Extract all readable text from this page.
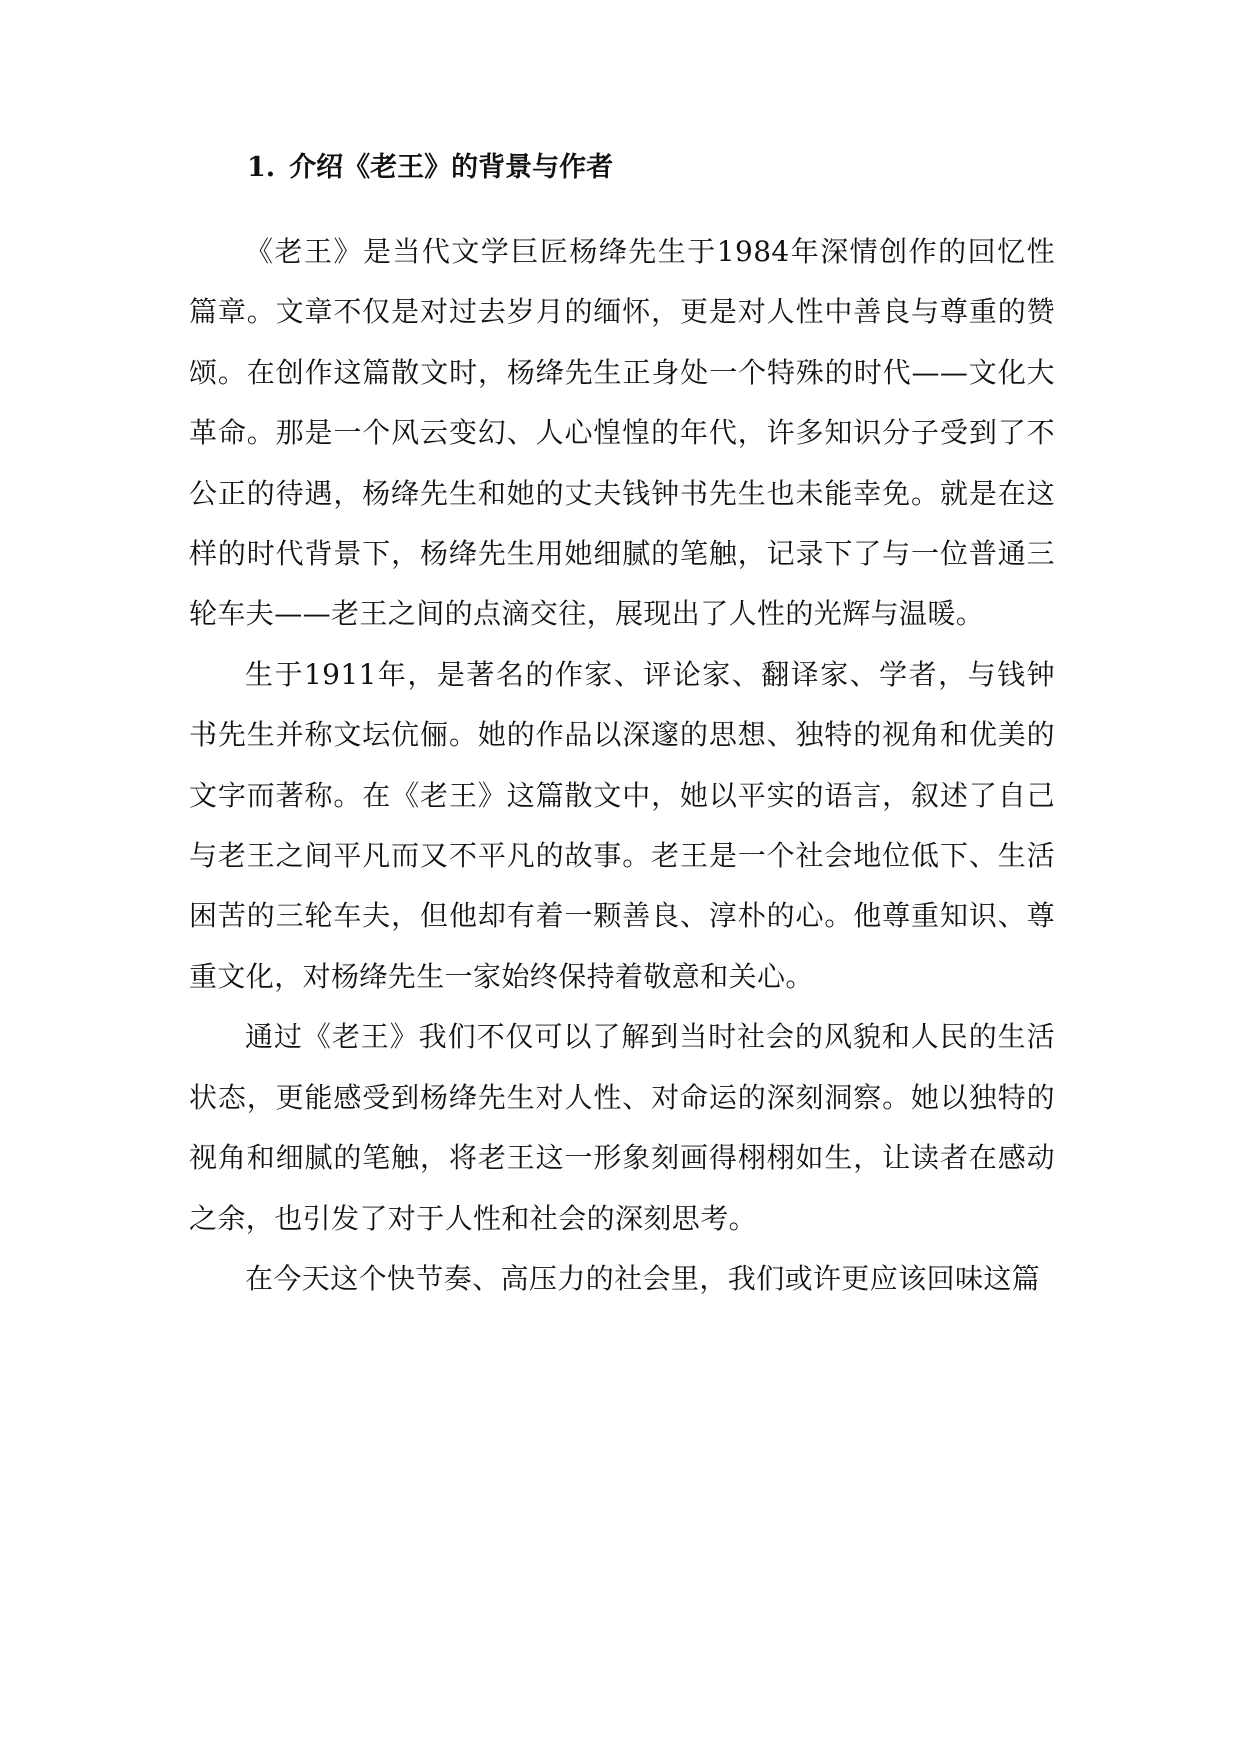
1. 介绍《老王》的背景与作者

《老王》是当代文学巨匠杨绛先生于1984年深情创作的回忆性篇章。文章不仅是对过去岁月的缅怀，更是对人性中善良与尊重的赞颂。在创作这篇散文时，杨绛先生正身处一个特殊的时代——文化大革命。那是一个风云变幻、人心惶惶的年代，许多知识分子受到了不公正的待遇，杨绛先生和她的丈夫钱钟书先生也未能幸免。就是在这样的时代背景下，杨绛先生用她细腻的笔触，记录下了与一位普通三轮车夫——老王之间的点滴交往，展现出了人性的光辉与温暖。

生于1911年，是著名的作家、评论家、翻译家、学者，与钱钟书先生并称文坛伉俪。她的作品以深邃的思想、独特的视角和优美的文字而著称。在《老王》这篇散文中，她以平实的语言，叙述了自己与老王之间平凡而又不平凡的故事。老王是一个社会地位低下、生活困苦的三轮车夫，但他却有着一颗善良、淳朴的心。他尊重知识、尊重文化，对杨绛先生一家始终保持着敬意和关心。

通过《老王》我们不仅可以了解到当时社会的风貌和人民的生活状态，更能感受到杨绛先生对人性、对命运的深刻洞察。她以独特的视角和细腻的笔触，将老王这一形象刻画得栩栩如生，让读者在感动之余，也引发了对于人性和社会的深刻思考。

在今天这个快节奏、高压力的社会里，我们或许更应该回味这篇
